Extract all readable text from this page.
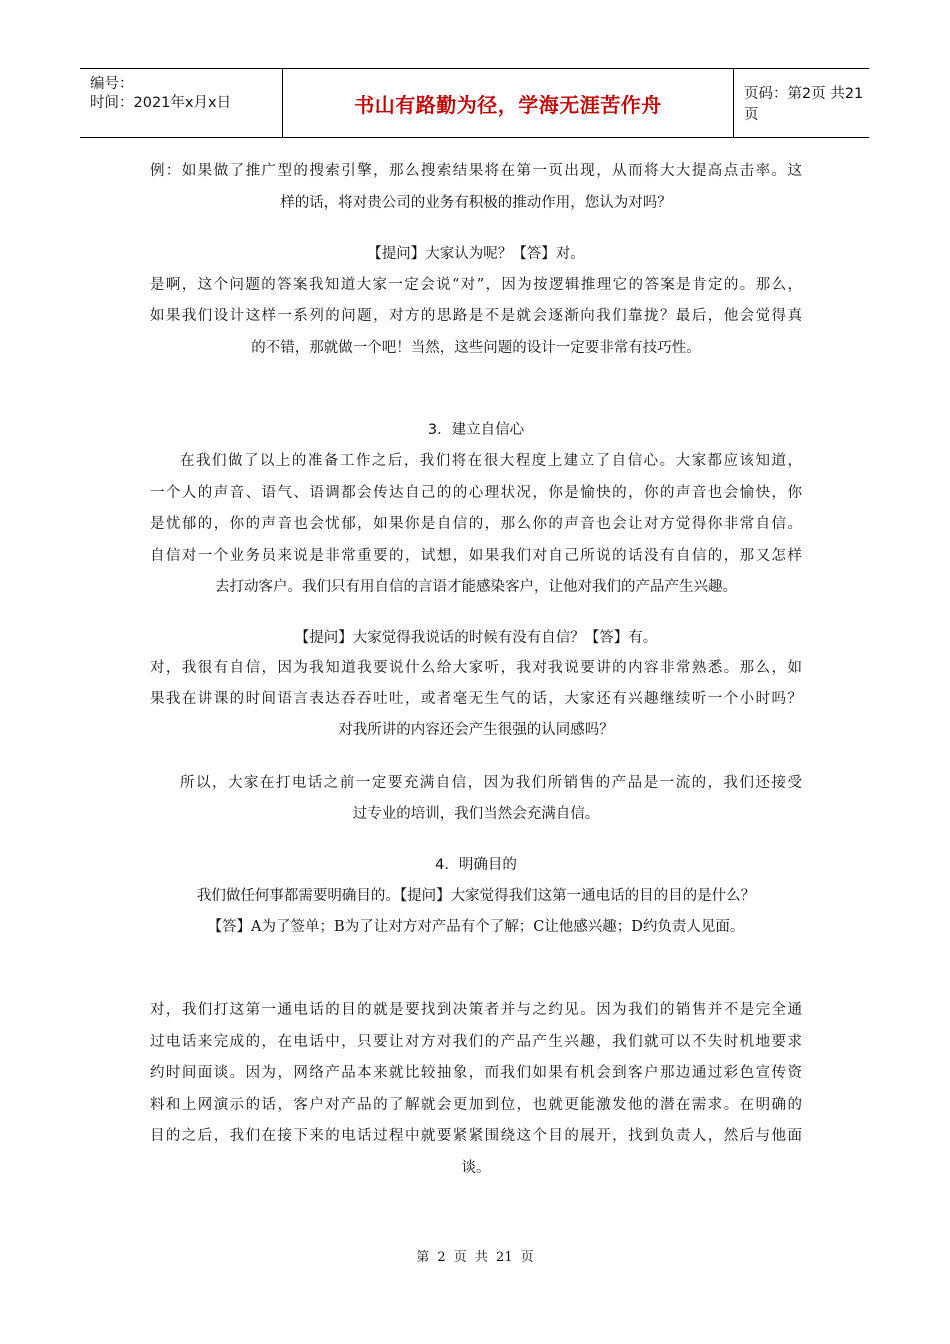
编号：
时间：2021年x月x日	书山有路勤为径，学海无涯苦作舟	页码：第2页 共21页
例：如果做了推广型的搜索引擎，那么搜索结果将在第一页出现，从而将大大提高点击率。这
样的话，将对贵公司的业务有积极的推动作用，您认为对吗？
【提问】大家认为呢？【答】对。
是啊，这个问题的答案我知道大家一定会说“对”，因为按逻辑推理它的答案是肯定的。那么，
如果我们设计这样一系列的问题，对方的思路是不是就会逐渐向我们靠拢？最后，他会觉得真
的不错，那就做一个吧！当然，这些问题的设计一定要非常有技巧性。
3．建立自信心
在我们做了以上的准备工作之后，我们将在很大程度上建立了自信心。大家都应该知道，
一个人的声音、语气、语调都会传达自己的的心理状况，你是愉快的，你的声音也会愉快，你
是忧郁的，你的声音也会忧郁，如果你是自信的，那么你的声音也会让对方觉得你非常自信。
自信对一个业务员来说是非常重要的，试想，如果我们对自己所说的话没有自信的，那又怎样
去打动客户。我们只有用自信的言语才能感染客户，让他对我们的产品产生兴趣。
【提问】大家觉得我说话的时候有没有自信？【答】有。
对，我很有自信，因为我知道我要说什么给大家听，我对我说要讲的内容非常熟悉。那么，如
果我在讲课的时间语言表达吞吞吐吐，或者毫无生气的话，大家还有兴趣继续听一个小时吗？
对我所讲的内容还会产生很强的认同感吗？
所以，大家在打电话之前一定要充满自信，因为我们所销售的产品是一流的，我们还接受
过专业的培训，我们当然会充满自信。
4．明确目的
我们做任何事都需要明确目的。【提问】大家觉得我们这第一通电话的目的目的是什么？
【答】A为了签单；B为了让对方对产品有个了解；C让他感兴趣；D约负责人见面。
对，我们打这第一通电话的目的就是要找到决策者并与之约见。因为我们的销售并不是完全通
过电话来完成的，在电话中，只要让对方对我们的产品产生兴趣，我们就可以不失时机地要求
约时间面谈。因为，网络产品本来就比较抽象，而我们如果有机会到客户那边通过彩色宣传资
料和上网演示的话，客户对产品的了解就会更加到位，也就更能激发他的潜在需求。在明确的
目的之后，我们在接下来的电话过程中就要紧紧围绕这个目的展开，找到负责人，然后与他面
谈。
第 2 页 共 21 页
